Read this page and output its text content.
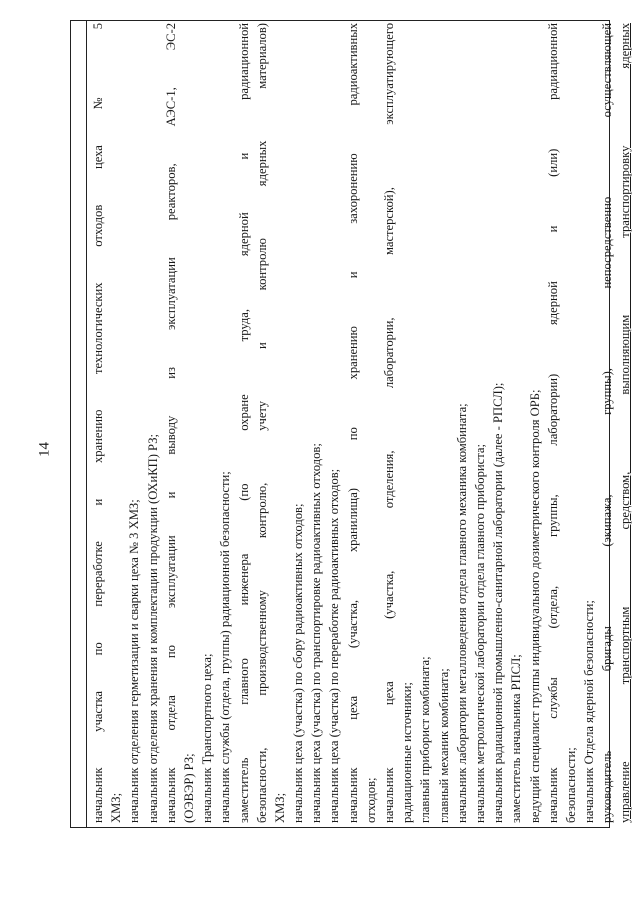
14	начальник участка по переработке и хранению технологических отходов цеха № 5 ХМЗ; начальник отделения герметизации и сварки цеха № 3 ХМЗ; начальник отделения хранения и комплектации продукции (ОХиКП) РЗ; начальник отдела по эксплуатации и выводу из эксплуатации реакторов, АЭС-1, ЭС-2 (ОЭВЭР) РЗ; начальник Транспортного цеха; начальник службы (отдела, группы) радиационной безопасности; заместитель главного инженера (по охране труда, ядерной и радиационной безопасности, производственному контролю, учету и контролю ядерных материалов) ХМЗ; начальник цеха (участка) по сбору радиоактивных отходов; начальник цеха (участка) по транспортировке радиоактивных отходов; начальник цеха (участка) по переработке радиоактивных отходов; начальник цеха (участка, хранилища) по хранению и захоронению радиоактивных отходов; начальник цеха (участка, отделения, лаборатории, мастерской), эксплуатирующего радиационные источники; главный приборист комбината; главный механик комбината; начальник лаборатории металловедения отдела главного механика комбината; начальник метрологической лаборатории отдела главного прибориста; начальник радиационной промышленно-санитарной лаборатории (далее - РПСЛ); заместитель начальника РПСЛ; ведущий специалист группы индивидуального дозиметрического контроля ОРБ; начальник службы (отдела, группы, лаборатории) ядерной и (или) радиационной безопасности; начальник Отдела ядерной безопасности; руководитель бригады (экипажа, группы), непосредственно осуществляющей управление транспортным средством, выполняющим транспортировку ядерных
